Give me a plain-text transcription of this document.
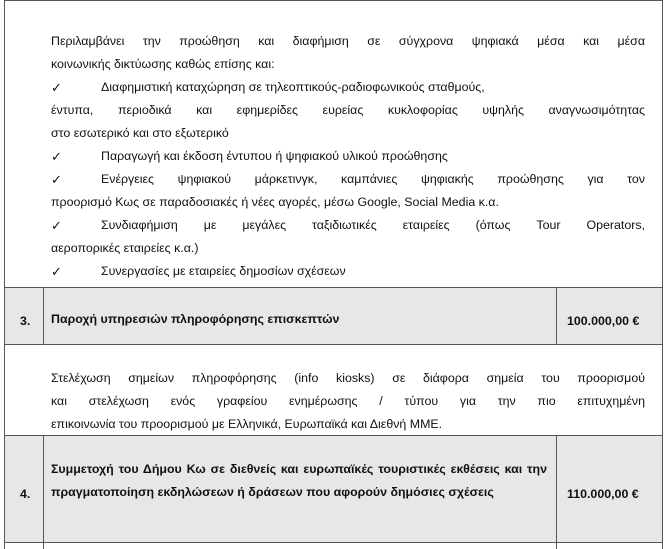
Περιλαμβάνει την προώθηση και διαφήμιση σε σύγχρονα ψηφιακά μέσα και μέσα
κοινωνικής δικτύωσης καθώς επίσης και:
✓	Διαφημιστική καταχώρηση σε τηλεοπτικούς-ραδιοφωνικούς σταθμούς,
έντυπα, περιοδικά και εφημερίδες ευρείας κυκλοφορίας υψηλής αναγνωσιμότητας
στο εσωτερικό και στο εξωτερικό
✓	Παραγωγή και έκδοση έντυπου ή ψηφιακού υλικού προώθησης
✓	Ενέργειες ψηφιακού μάρκετινγκ, καμπάνιες ψηφιακής προώθησης για τον
προορισμό Κως σε παραδοσιακές ή νέες αγορές, μέσω Google, Social Media κ.α.
✓	Συνδιαφήμιση με μεγάλες ταξιδιωτικές εταιρείες (όπως Tour Operators,
αεροπορικές εταιρείες κ.α.)
✓	Συνεργασίες με εταιρείες δημοσίων σχέσεων
3. Παροχή υπηρεσιών πληροφόρησης επισκεπτών	100.000,00 €
Στελέχωση σημείων πληροφόρησης (info kiosks) σε διάφορα σημεία του προορισμού
και στελέχωση ενός γραφείου ενημέρωσης / τύπου για την πιο επιτυχημένη
επικοινωνία του προορισμού με Ελληνικά, Ευρωπαϊκά και Διεθνή ΜΜΕ.
4.
Συμμετοχή του Δήμου Κω σε διεθνείς και ευρωπαϊκές τουριστικές εκθέσεις και την
πραγματοποίηση εκδηλώσεων ή δράσεων που αφορούν δημόσιες σχέσεις	110.000,00 €
